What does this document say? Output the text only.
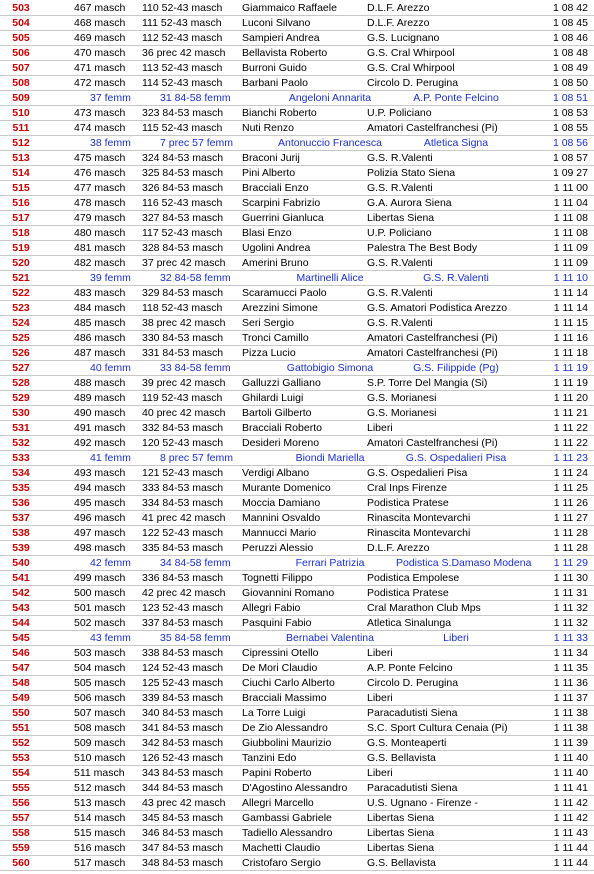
503	467 masch 110 52-43 masch	Giammaico Raffaele	D.L.F. Arezzo	1 08 42
504	468 masch 111 52-43 masch	Luconi Silvano	D.L.F. Arezzo	1 08 45
505	469 masch 112 52-43 masch	Sampieri Andrea	G.S. Lucignano	1 08 46
506	470 masch 36 prec 42 masch	Bellavista Roberto	G.S. Cral Whirpool	1 08 48
507	471 masch 113 52-43 masch	Burroni Guido	G.S. Cral Whirpool	1 08 49
508	472 masch 114 52-43 masch	Barbani Paolo	Circolo D. Perugina	1 08 50
509	37 femm	31 84-58 femm	Angeloni Annarita	A.P. Ponte Felcino	1 08 51
510	473 masch 323 84-53 masch	Bianchi Roberto	U.P. Policiano	1 08 53
511	474 masch 115 52-43 masch	Nuti Renzo	Amatori Castelfranchesi (Pi)	1 08 55
512	38 femm	7 prec 57 femm	Antonuccio Francesca	Atletica Signa	1 08 56
513	475 masch 324 84-53 masch	Braconi Jurij	G.S. R.Valenti	1 08 57
514	476 masch 325 84-53 masch	Pini Alberto	Polizia Stato Siena	1 09 27
515	477 masch 326 84-53 masch	Bracciali Enzo	G.S. R.Valenti	1 11 00
516	478 masch 116 52-43 masch	Scarpini Fabrizio	G.A. Aurora Siena	1 11 04
517	479 masch 327 84-53 masch	Guerrini Gianluca	Libertas Siena	1 11 08
518	480 masch 117 52-43 masch	Blasi Enzo	U.P. Policiano	1 11 08
519	481 masch 328 84-53 masch	Ugolini Andrea	Palestra The Best Body	1 11 09
520	482 masch 37 prec 42 masch	Amerini Bruno	G.S. R.Valenti	1 11 09
521	39 femm	32 84-58 femm	Martinelli Alice	G.S. R.Valenti	1 11 10
522	483 masch 329 84-53 masch	Scaramucci Paolo	G.S. R.Valenti	1 11 14
523	484 masch 118 52-43 masch	Arezzini Simone	G.S. Amatori Podistica Arezzo	1 11 14
524	485 masch 38 prec 42 masch	Seri Sergio	G.S. R.Valenti	1 11 15
525	486 masch 330 84-53 masch	Tronci Camillo	Amatori Castelfranchesi (Pi)	1 11 16
526	487 masch 331 84-53 masch	Pizza Lucio	Amatori Castelfranchesi (Pi)	1 11 18
527	40 femm	33 84-58 femm	Gattobigio Simona	G.S. Filippide (Pg)	1 11 19
528	488 masch 39 prec 42 masch	Galluzzi Galliano	S.P. Torre Del Mangia (Si)	1 11 19
529	489 masch 119 52-43 masch	Ghilardi Luigi	G.S. Morianesi	1 11 20
530	490 masch 40 prec 42 masch	Bartoli Gilberto	G.S. Morianesi	1 11 21
531	491 masch 332 84-53 masch	Bracciali Roberto	Liberi	1 11 22
532	492 masch 120 52-43 masch	Desideri Moreno	Amatori Castelfranchesi (Pi)	1 11 22
533	41 femm	8 prec 57 femm	Biondi Mariella	G.S. Ospedalieri Pisa	1 11 23
534	493 masch 121 52-43 masch	Verdigi Albano	G.S. Ospedalieri Pisa	1 11 24
535	494 masch 333 84-53 masch	Murante Domenico	Cral Inps Firenze	1 11 25
536	495 masch 334 84-53 masch	Moccia Damiano	Podistica Pratese	1 11 26
537	496 masch 41 prec 42 masch	Mannini Osvaldo	Rinascita Montevarchi	1 11 27
538	497 masch 122 52-43 masch	Mannucci Mario	Rinascita Montevarchi	1 11 28
539	498 masch 335 84-53 masch	Peruzzi Alessio	D.L.F. Arezzo	1 11 28
540	42 femm	34 84-58 femm	Ferrari Patrizia	Podistica S.Damaso Modena	1 11 29
541	499 masch 336 84-53 masch	Tognetti Filippo	Podistica Empolese	1 11 30
542	500 masch 42 prec 42 masch	Giovannini Romano	Podistica Pratese	1 11 31
543	501 masch 123 52-43 masch	Allegri Fabio	Cral Marathon Club Mps	1 11 32
544	502 masch 337 84-53 masch	Pasquini Fabio	Atletica Sinalunga	1 11 32
545	43 femm	35 84-58 femm	Bernabei Valentina	Liberi	1 11 33
546	503 masch 338 84-53 masch	Cipressini Otello	Liberi	1 11 34
547	504 masch 124 52-43 masch	De Mori Claudio	A.P. Ponte Felcino	1 11 35
548	505 masch 125 52-43 masch	Ciuchi Carlo Alberto	Circolo D. Perugina	1 11 36
549	506 masch 339 84-53 masch	Bracciali Massimo	Liberi	1 11 37
550	507 masch 340 84-53 masch	La Torre Luigi	Paracadutisti Siena	1 11 38
551	508 masch 341 84-53 masch	De Zio Alessandro	S.C. Sport Cultura Cenaia (Pi)	1 11 38
552	509 masch 342 84-53 masch	Giubbolini Maurizio	G.S. Monteaperti	1 11 39
553	510 masch 126 52-43 masch	Tanzini Edo	G.S. Bellavista	1 11 40
554	511 masch	343 84-53 masch	Papini Roberto	Liberi	1 11 40
555	512 masch 344 84-53 masch	D'Agostino Alessandro	Paracadutisti Siena	1 11 41
556	513 masch 43 prec 42 masch	Allegri Marcello	U.S. Ugnano - Firenze -	1 11 42
557	514 masch 345 84-53 masch	Gambassi Gabriele	Libertas Siena	1 11 42
558	515 masch 346 84-53 masch	Tadiello Alessandro	Libertas Siena	1 11 43
559	516 masch 347 84-53 masch	Machetti Claudio	Libertas Siena	1 11 44
560	517 masch 348 84-53 masch	Cristofaro Sergio	G.S. Bellavista	1 11 44
